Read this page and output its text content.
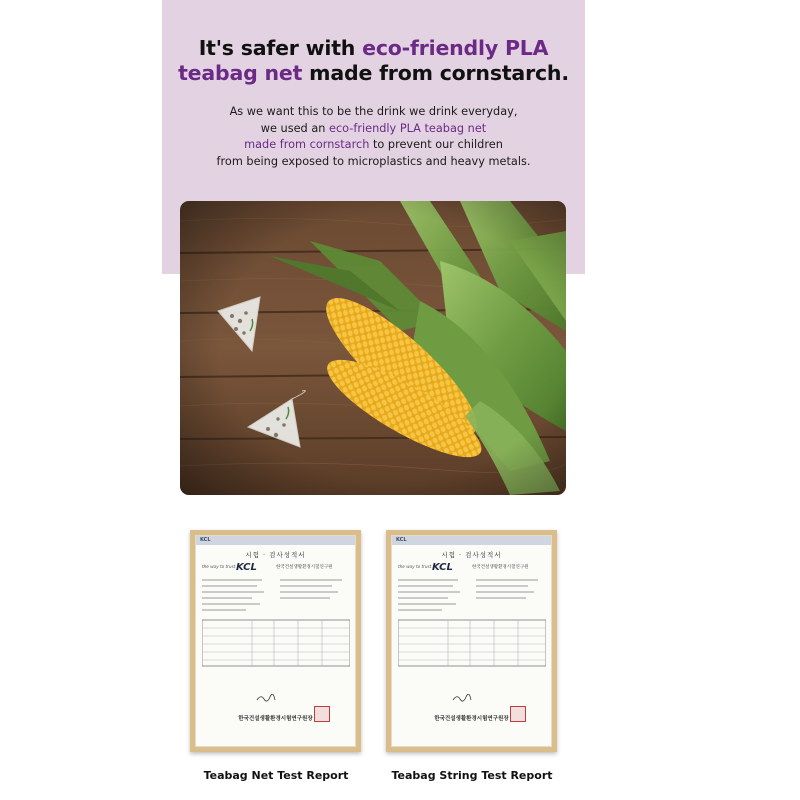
It's safer with eco-friendly PLA
teabag net made from cornstarch.
As we want this to be the drink we drink everyday,
we used an eco-friendly PLA teabag net
made from cornstarch to prevent our children
from being exposed to microplastics and heavy metals.
KCL
시험 · 검사성적서
the way to trust KCL	한국건설생활환경시험연구원
한국건설생활환경시험연구원장
KCL
시험 · 검사성적서
the way to trust KCL	한국건설생활환경시험연구원
한국건설생활환경시험연구원장
Teabag Net Test Report	Teabag String Test Report
